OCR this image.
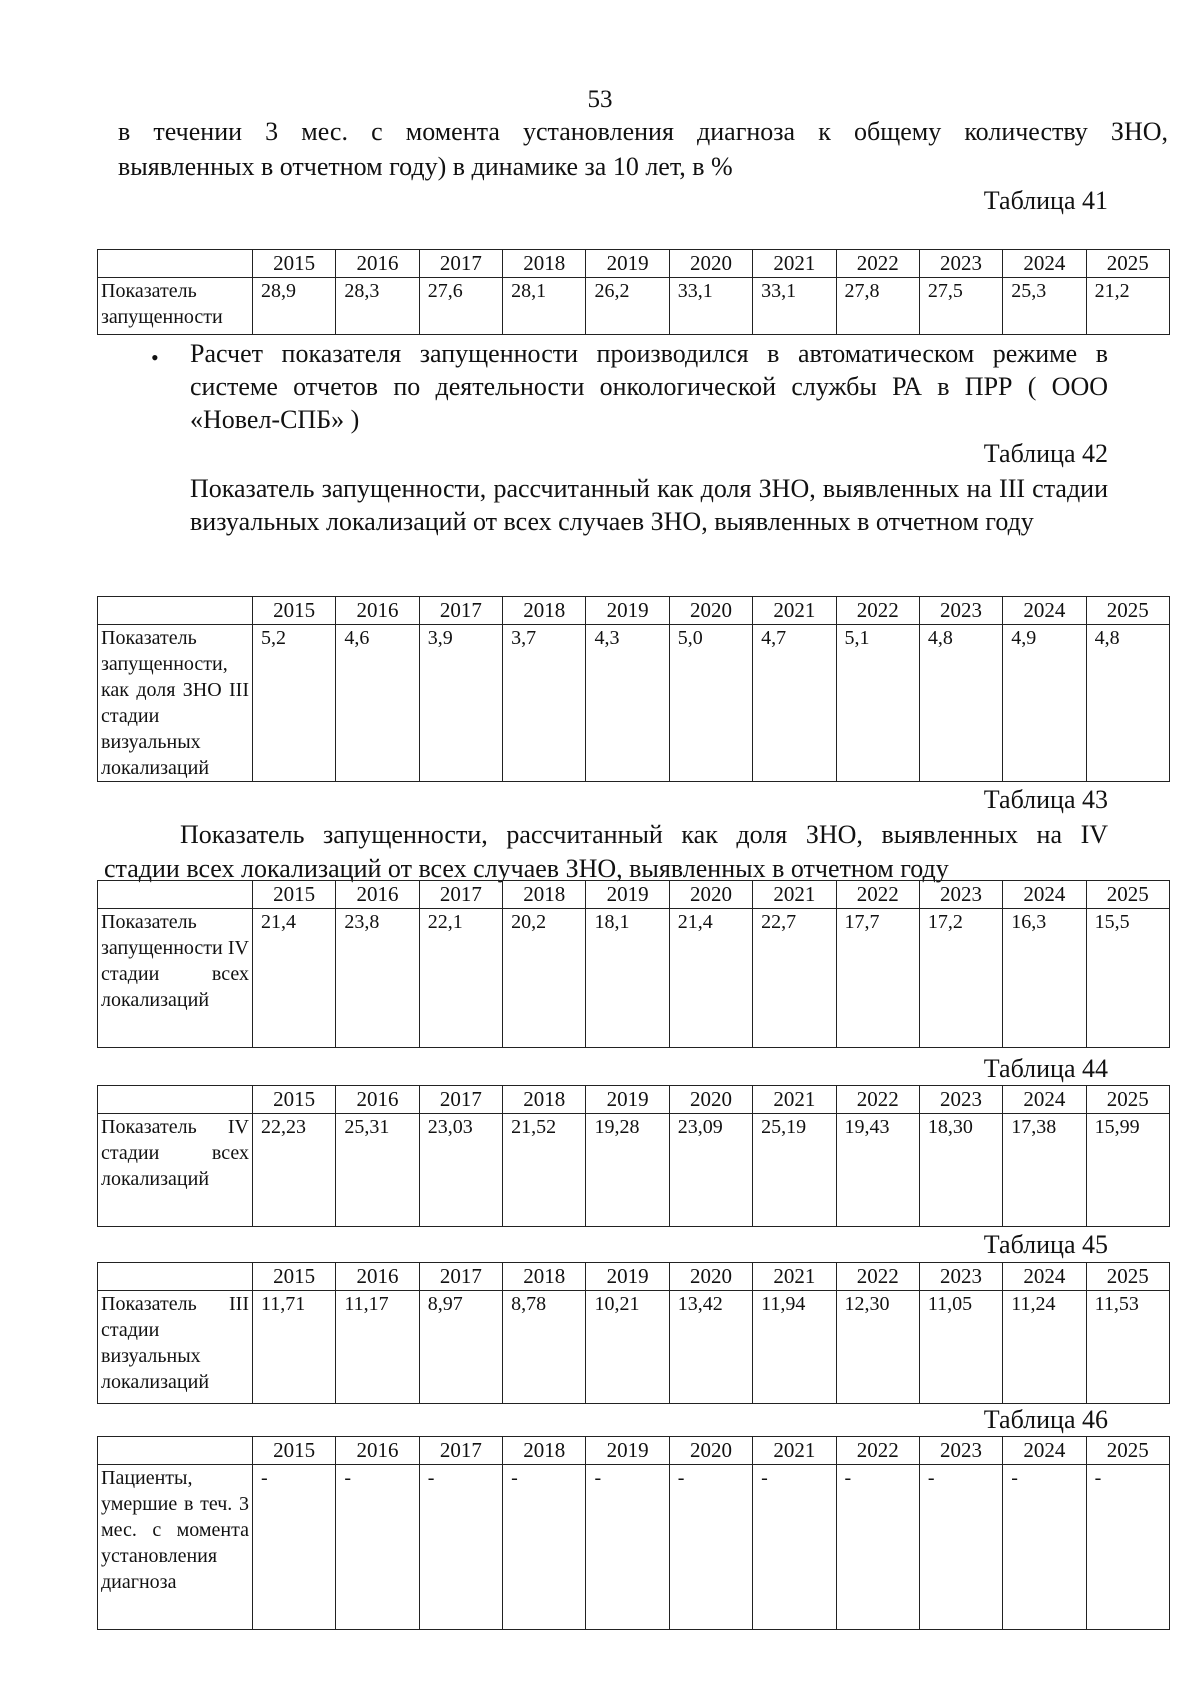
53
в течении 3 мес. с момента установления диагноза к общему количеству ЗНО,
выявленных в отчетном году) в динамике за 10 лет, в %
Таблица 41
	2015	2016	2017	2018	2019	2020	2021	2022	2023	2024	2025
Показатель запущенности	28,9	28,3	27,6	28,1	26,2	33,1	33,1	27,8	27,5	25,3	21,2
• Расчет показателя запущенности производился в автоматическом режиме в системе отчетов по деятельности онкологической службы РА в ПРР ( ООО «Новел-СПБ» )
Таблица 42
Показатель запущенности, рассчитанный как доля ЗНО, выявленных на III стадии визуальных локализаций от всех случаев ЗНО, выявленных в отчетном году
	2015	2016	2017	2018	2019	2020	2021	2022	2023	2024	2025
Показатель запущенности, как доля ЗНО III стадии визуальных локализаций	5,2	4,6	3,9	3,7	4,3	5,0	4,7	5,1	4,8	4,9	4,8
Таблица 43
Показатель запущенности, рассчитанный как доля ЗНО, выявленных на IV
стадии всех локализаций от всех случаев ЗНО, выявленных в отчетном году
	2015	2016	2017	2018	2019	2020	2021	2022	2023	2024	2025
Показатель запущенности IV стадии всех локализаций	21,4	23,8	22,1	20,2	18,1	21,4	22,7	17,7	17,2	16,3	15,5
Таблица 44
	2015	2016	2017	2018	2019	2020	2021	2022	2023	2024	2025
Показатель IV стадии всех локализаций	22,23	25,31	23,03	21,52	19,28	23,09	25,19	19,43	18,30	17,38	15,99
Таблица 45
	2015	2016	2017	2018	2019	2020	2021	2022	2023	2024	2025
Показатель III стадии визуальных локализаций	11,71	11,17	8,97	8,78	10,21	13,42	11,94	12,30	11,05	11,24	11,53
Таблица 46
	2015	2016	2017	2018	2019	2020	2021	2022	2023	2024	2025
Пациенты, умершие в теч. 3 мес. с момента установления диагноза	-	-	-	-	-	-	-	-	-	-	-
